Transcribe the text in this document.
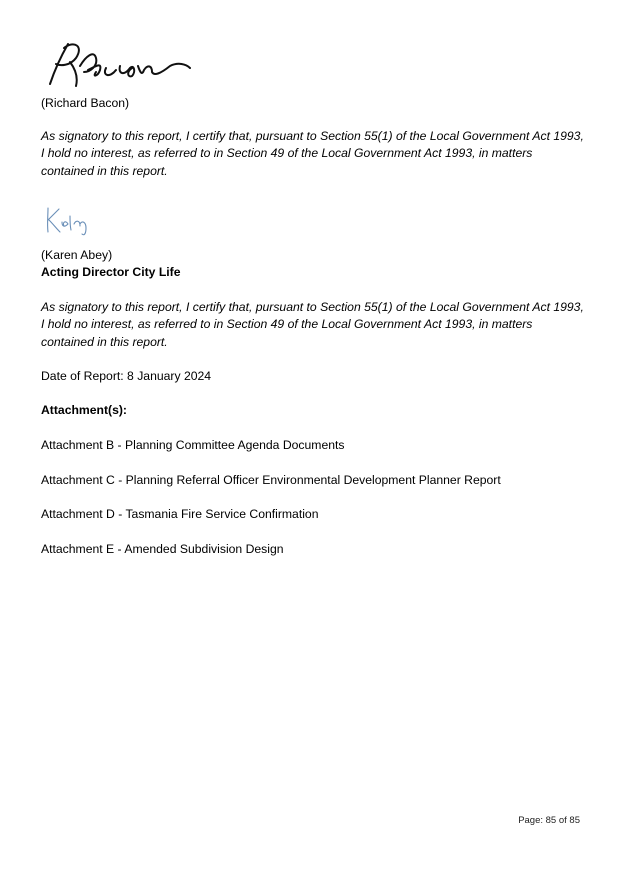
(Richard Bacon)

As signatory to this report, I certify that, pursuant to Section 55(1) of the Local Government Act 1993, I hold no interest, as referred to in Section 49 of the Local Government Act 1993, in matters contained in this report.

(Karen Abey)

Acting Director City Life

As signatory to this report, I certify that, pursuant to Section 55(1) of the Local Government Act 1993, I hold no interest, as referred to in Section 49 of the Local Government Act 1993, in matters contained in this report.

Date of Report: 8 January 2024

Attachment(s):

Attachment B - Planning Committee Agenda Documents

Attachment C - Planning Referral Officer Environmental Development Planner Report

Attachment D - Tasmania Fire Service Confirmation

Attachment E - Amended Subdivision Design

Page: 85 of 85
